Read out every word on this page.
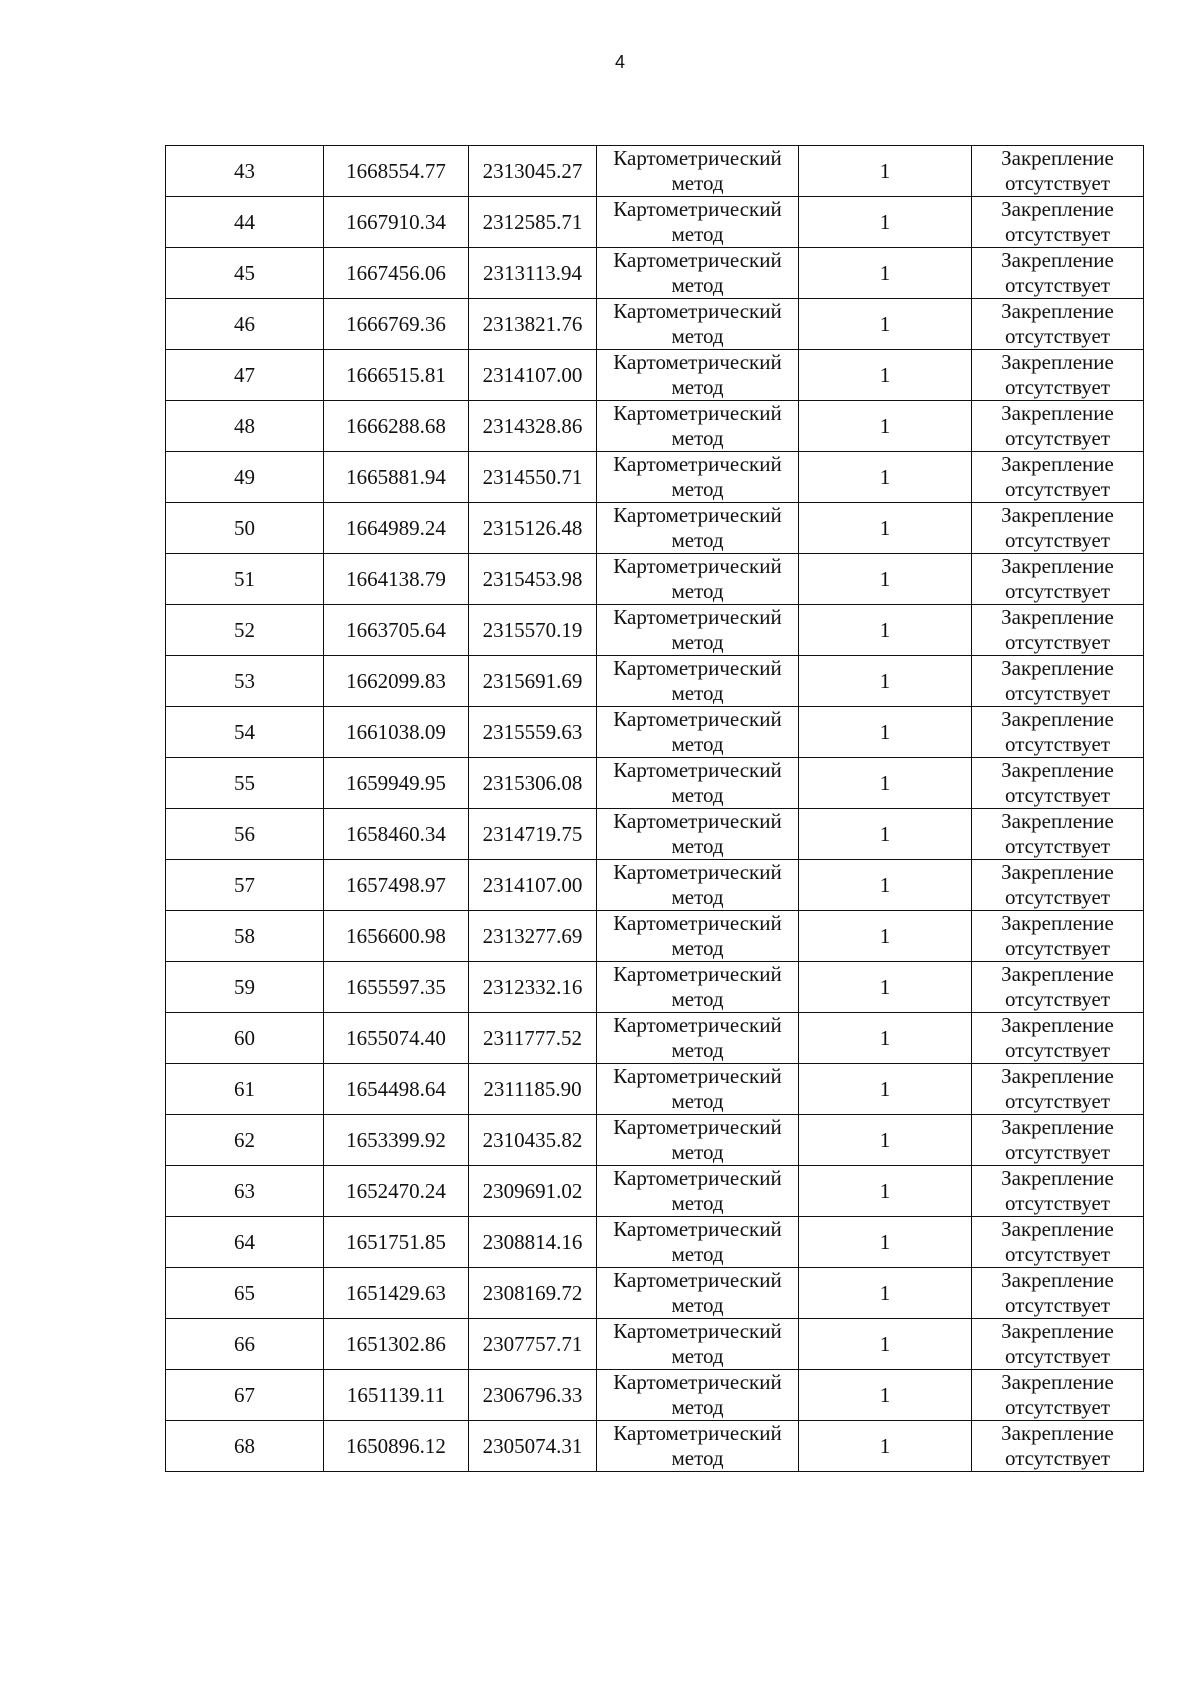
4
43	1668554.77	2313045.27	Картометрический
метод	1	Закрепление
отсутствует

44	1667910.34	2312585.71	Картометрический
метод	1	Закрепление
отсутствует

45	1667456.06	2313113.94	Картометрический
метод	1	Закрепление
отсутствует

46	1666769.36	2313821.76	Картометрический
метод	1	Закрепление
отсутствует

47	1666515.81	2314107.00	Картометрический
метод	1	Закрепление
отсутствует

48	1666288.68	2314328.86	Картометрический
метод	1	Закрепление
отсутствует

49	1665881.94	2314550.71	Картометрический
метод	1	Закрепление
отсутствует

50	1664989.24	2315126.48	Картометрический
метод	1	Закрепление
отсутствует

51	1664138.79	2315453.98	Картометрический
метод	1	Закрепление
отсутствует

52	1663705.64	2315570.19	Картометрический
метод	1	Закрепление
отсутствует

53	1662099.83	2315691.69	Картометрический
метод	1	Закрепление
отсутствует

54	1661038.09	2315559.63	Картометрический
метод	1	Закрепление
отсутствует

55	1659949.95	2315306.08	Картометрический
метод	1	Закрепление
отсутствует

56	1658460.34	2314719.75	Картометрический
метод	1	Закрепление
отсутствует

57	1657498.97	2314107.00	Картометрический
метод	1	Закрепление
отсутствует

58	1656600.98	2313277.69	Картометрический
метод	1	Закрепление
отсутствует

59	1655597.35	2312332.16	Картометрический
метод	1	Закрепление
отсутствует

60	1655074.40	2311777.52	Картометрический
метод	1	Закрепление
отсутствует

61	1654498.64	2311185.90	Картометрический
метод	1	Закрепление
отсутствует

62	1653399.92	2310435.82	Картометрический
метод	1	Закрепление
отсутствует

63	1652470.24	2309691.02	Картометрический
метод	1	Закрепление
отсутствует

64	1651751.85	2308814.16	Картометрический
метод	1	Закрепление
отсутствует

65	1651429.63	2308169.72	Картометрический
метод	1	Закрепление
отсутствует

66	1651302.86	2307757.71	Картометрический
метод	1	Закрепление
отсутствует

67	1651139.11	2306796.33	Картометрический
метод	1	Закрепление
отсутствует

68	1650896.12	2305074.31	Картометрический
метод	1	Закрепление
отсутствует
